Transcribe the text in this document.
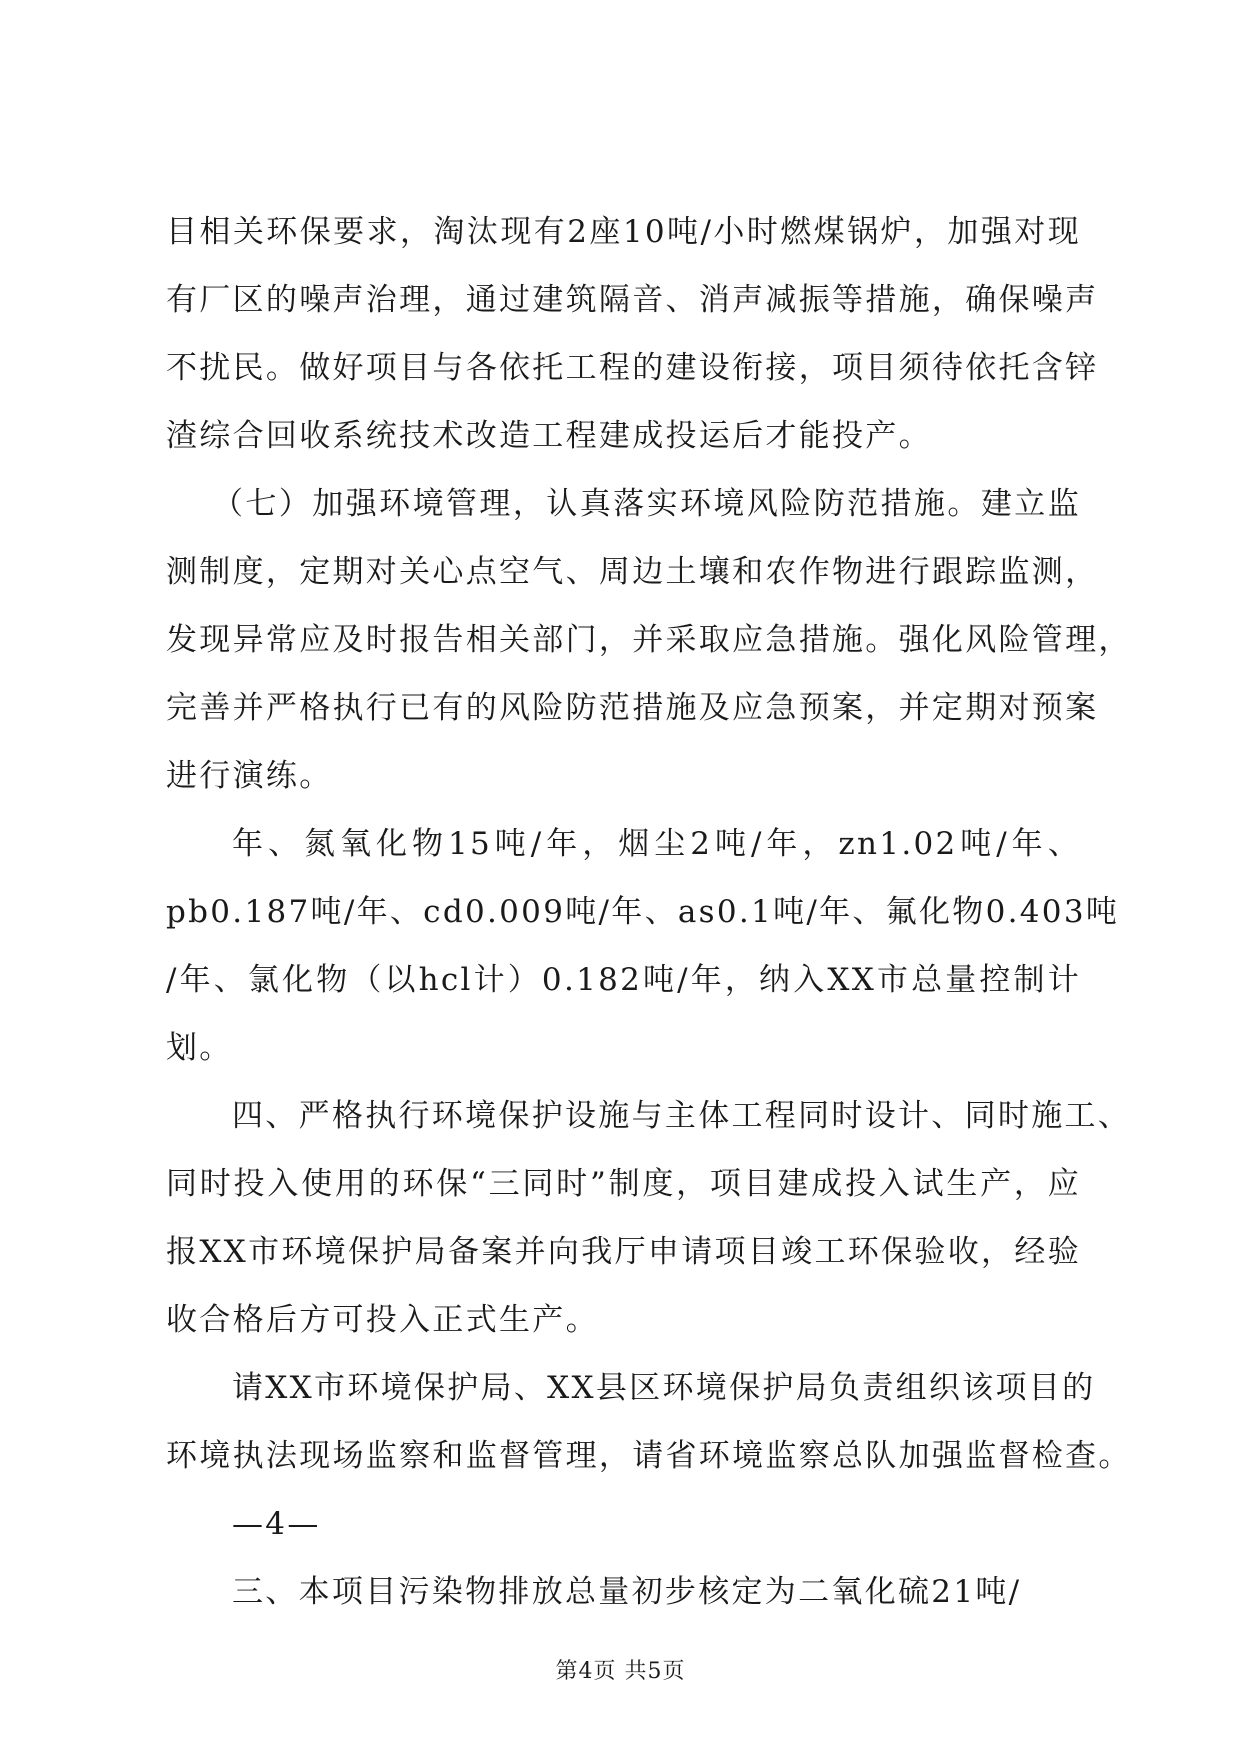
目相关环保要求，淘汰现有2座10吨/小时燃煤锅炉，加强对现
有厂区的噪声治理，通过建筑隔音、消声减振等措施，确保噪声
不扰民。做好项目与各依托工程的建设衔接，项目须待依托含锌
渣综合回收系统技术改造工程建成投运后才能投产。
（七）加强环境管理，认真落实环境风险防范措施。建立监
测制度，定期对关心点空气、周边土壤和农作物进行跟踪监测，
发现异常应及时报告相关部门，并采取应急措施。强化风险管理，
完善并严格执行已有的风险防范措施及应急预案，并定期对预案
进行演练。
年、氮氧化物15吨/年，烟尘2吨/年，zn1.02吨/年、
pb0.187吨/年、cd0.009吨/年、as0.1吨/年、氟化物0.403吨
/年、氯化物（以hcl计）0.182吨/年，纳入XX市总量控制计
划。
四、严格执行环境保护设施与主体工程同时设计、同时施工、
同时投入使用的环保“三同时”制度，项目建成投入试生产，应
报XX市环境保护局备案并向我厅申请项目竣工环保验收，经验
收合格后方可投入正式生产。
请XX市环境保护局、XX县区环境保护局负责组织该项目的
环境执法现场监察和监督管理，请省环境监察总队加强监督检查。
—4—
三、本项目污染物排放总量初步核定为二氧化硫21吨/
第4页 共5页
